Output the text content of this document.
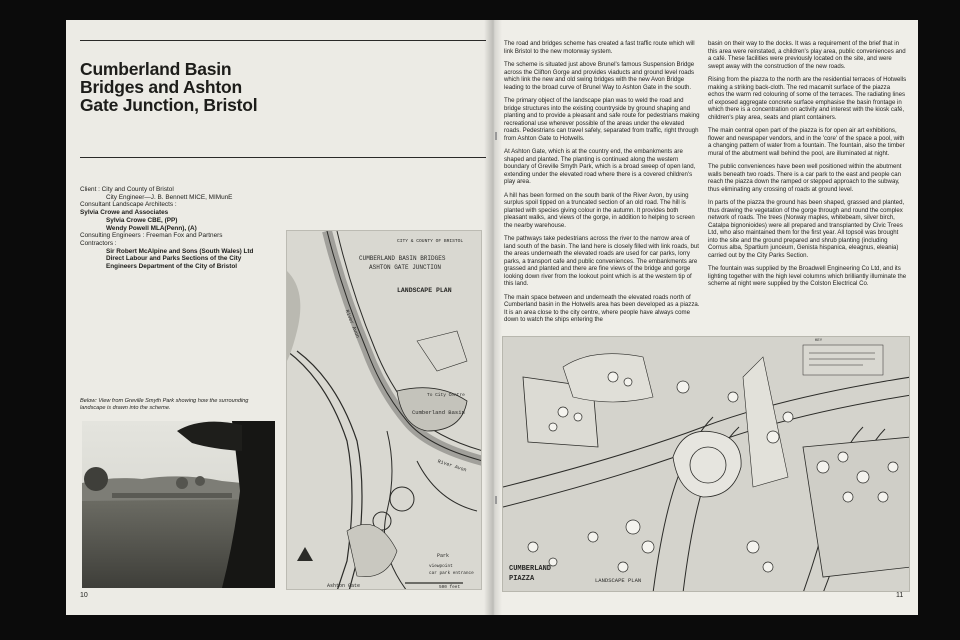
Cumberland Basin
Bridges and Ashton
Gate Junction, Bristol
Client : City and County of Bristol
City Engineer—J. B. Bennett MICE, MIMunE
Consultant Landscape Architects :
Sylvia Crowe and Associates
Sylvia Crowe CBE, (PP)
Wendy Powell MLA(Penn), (A)
Consulting Engineers : Freeman Fox and Partners
Contractors :
Sir Robert McAlpine and Sons (South Wales) Ltd
Direct Labour and Parks Sections of the City
Engineers Department of the City of Bristol
Below: View from Greville Smyth Park showing how the surrounding
landscape is drawn into the scheme.
CITY & COUNTY OF BRISTOL
CUMBERLAND BASIN BRIDGES
ASHTON GATE JUNCTION
LANDSCAPE PLAN
River Avon
To City Centre
Cumberland Basin
River Avon
Park
Ashton Gate
viewpoint
car park entrance
500 feet
10

The road and bridges scheme has created a fast traffic route which will link Bristol to the new motorway system.

The scheme is situated just above Brunel's famous Suspension Bridge across the Clifton Gorge and provides viaducts and ground level roads which link the new and old swing bridges with the new Avon Bridge leading to the broad curve of Brunel Way to Ashton Gate in the south.

The primary object of the landscape plan was to weld the road and bridge structures into the existing countryside by ground shaping and planting and to provide a pleasant and safe route for pedestrians making recreational use wherever possible of the areas under the elevated roads. Pedestrians can travel safely, separated from traffic, right through from Ashton Gate to Hotwells.

At Ashton Gate, which is at the country end, the embankments are shaped and planted. The planting is continued along the western boundary of Greville Smyth Park, which is a broad sweep of open land, extending under the elevated road where there is a covered children's play area.

A hill has been formed on the south bank of the River Avon, by using surplus spoil tipped on a truncated section of an old road. The hill is planted with species giving colour in the autumn. It provides both pleasant walks, and views of the gorge, in addition to helping to screen the nearby warehouse.

The pathways take pedestrians across the river to the narrow area of land south of the basin. The land here is closely filled with link roads, but the areas underneath the elevated roads are used for car parks, lorry parks, a transport cafe and public conveniences. The embankments are grassed and planted and there are fine views of the bridge and gorge looking down river from the lookout point which is at the western tip of this land.

The main space between and underneath the elevated roads north of Cumberland basin in the Hotwells area has been developed as a piazza. It is an area close to the city centre, where people have always come down to watch the ships entering the

basin on their way to the docks. It was a requirement of the brief that in this area were reinstated, a children's play area, public conveniences and a café. These facilities were previously located on the site, and were swept away with the construction of the new roads.

Rising from the piazza to the north are the residential terraces of Hotwells making a striking back-cloth. The red macamit surface of the piazza echos the warm red colouring of some of the terraces. The radiating lines of exposed aggregate concrete surface emphasise the basin frontage in which there is a concentration on activity and interest with the kiosk café, children's play area, seats and plant containers.

The main central open part of the piazza is for open air art exhibitions, flower and newspaper vendors, and in the 'core' of the space a pool, with a changing pattern of water from a fountain. The fountain, also the timber mural of the abutment wall behind the pool, are illuminated at night.

The public conveniences have been well positioned within the abutment walls beneath two roads. There is a car park to the east and people can reach the piazza down the ramped or stepped approach to the subway, thus eliminating any crossing of roads at ground level.

In parts of the piazza the ground has been shaped, grassed and planted, thus drawing the vegetation of the gorge through and round the complex network of roads. The trees (Norway maples, whitebeam, silver birch, Catalpa bignonioides) were all prepared and transplanted by Civic Trees Ltd, who also maintained them for the first year. All topsoil was brought into the site and the ground prepared and shrub planting (including Cornus alba, Spartium junceum, Genista hispanica, eleagnus, eleania) carried out by the City Parks Section.

The fountain was supplied by the Broadwell Engineering Co Ltd, and its lighting together with the high level columns which brilliantly illuminate the scheme at night were supplied by the Colston Electrical Co.

KEY
CUMBERLAND
PIAZZA	LANDSCAPE PLAN
11
